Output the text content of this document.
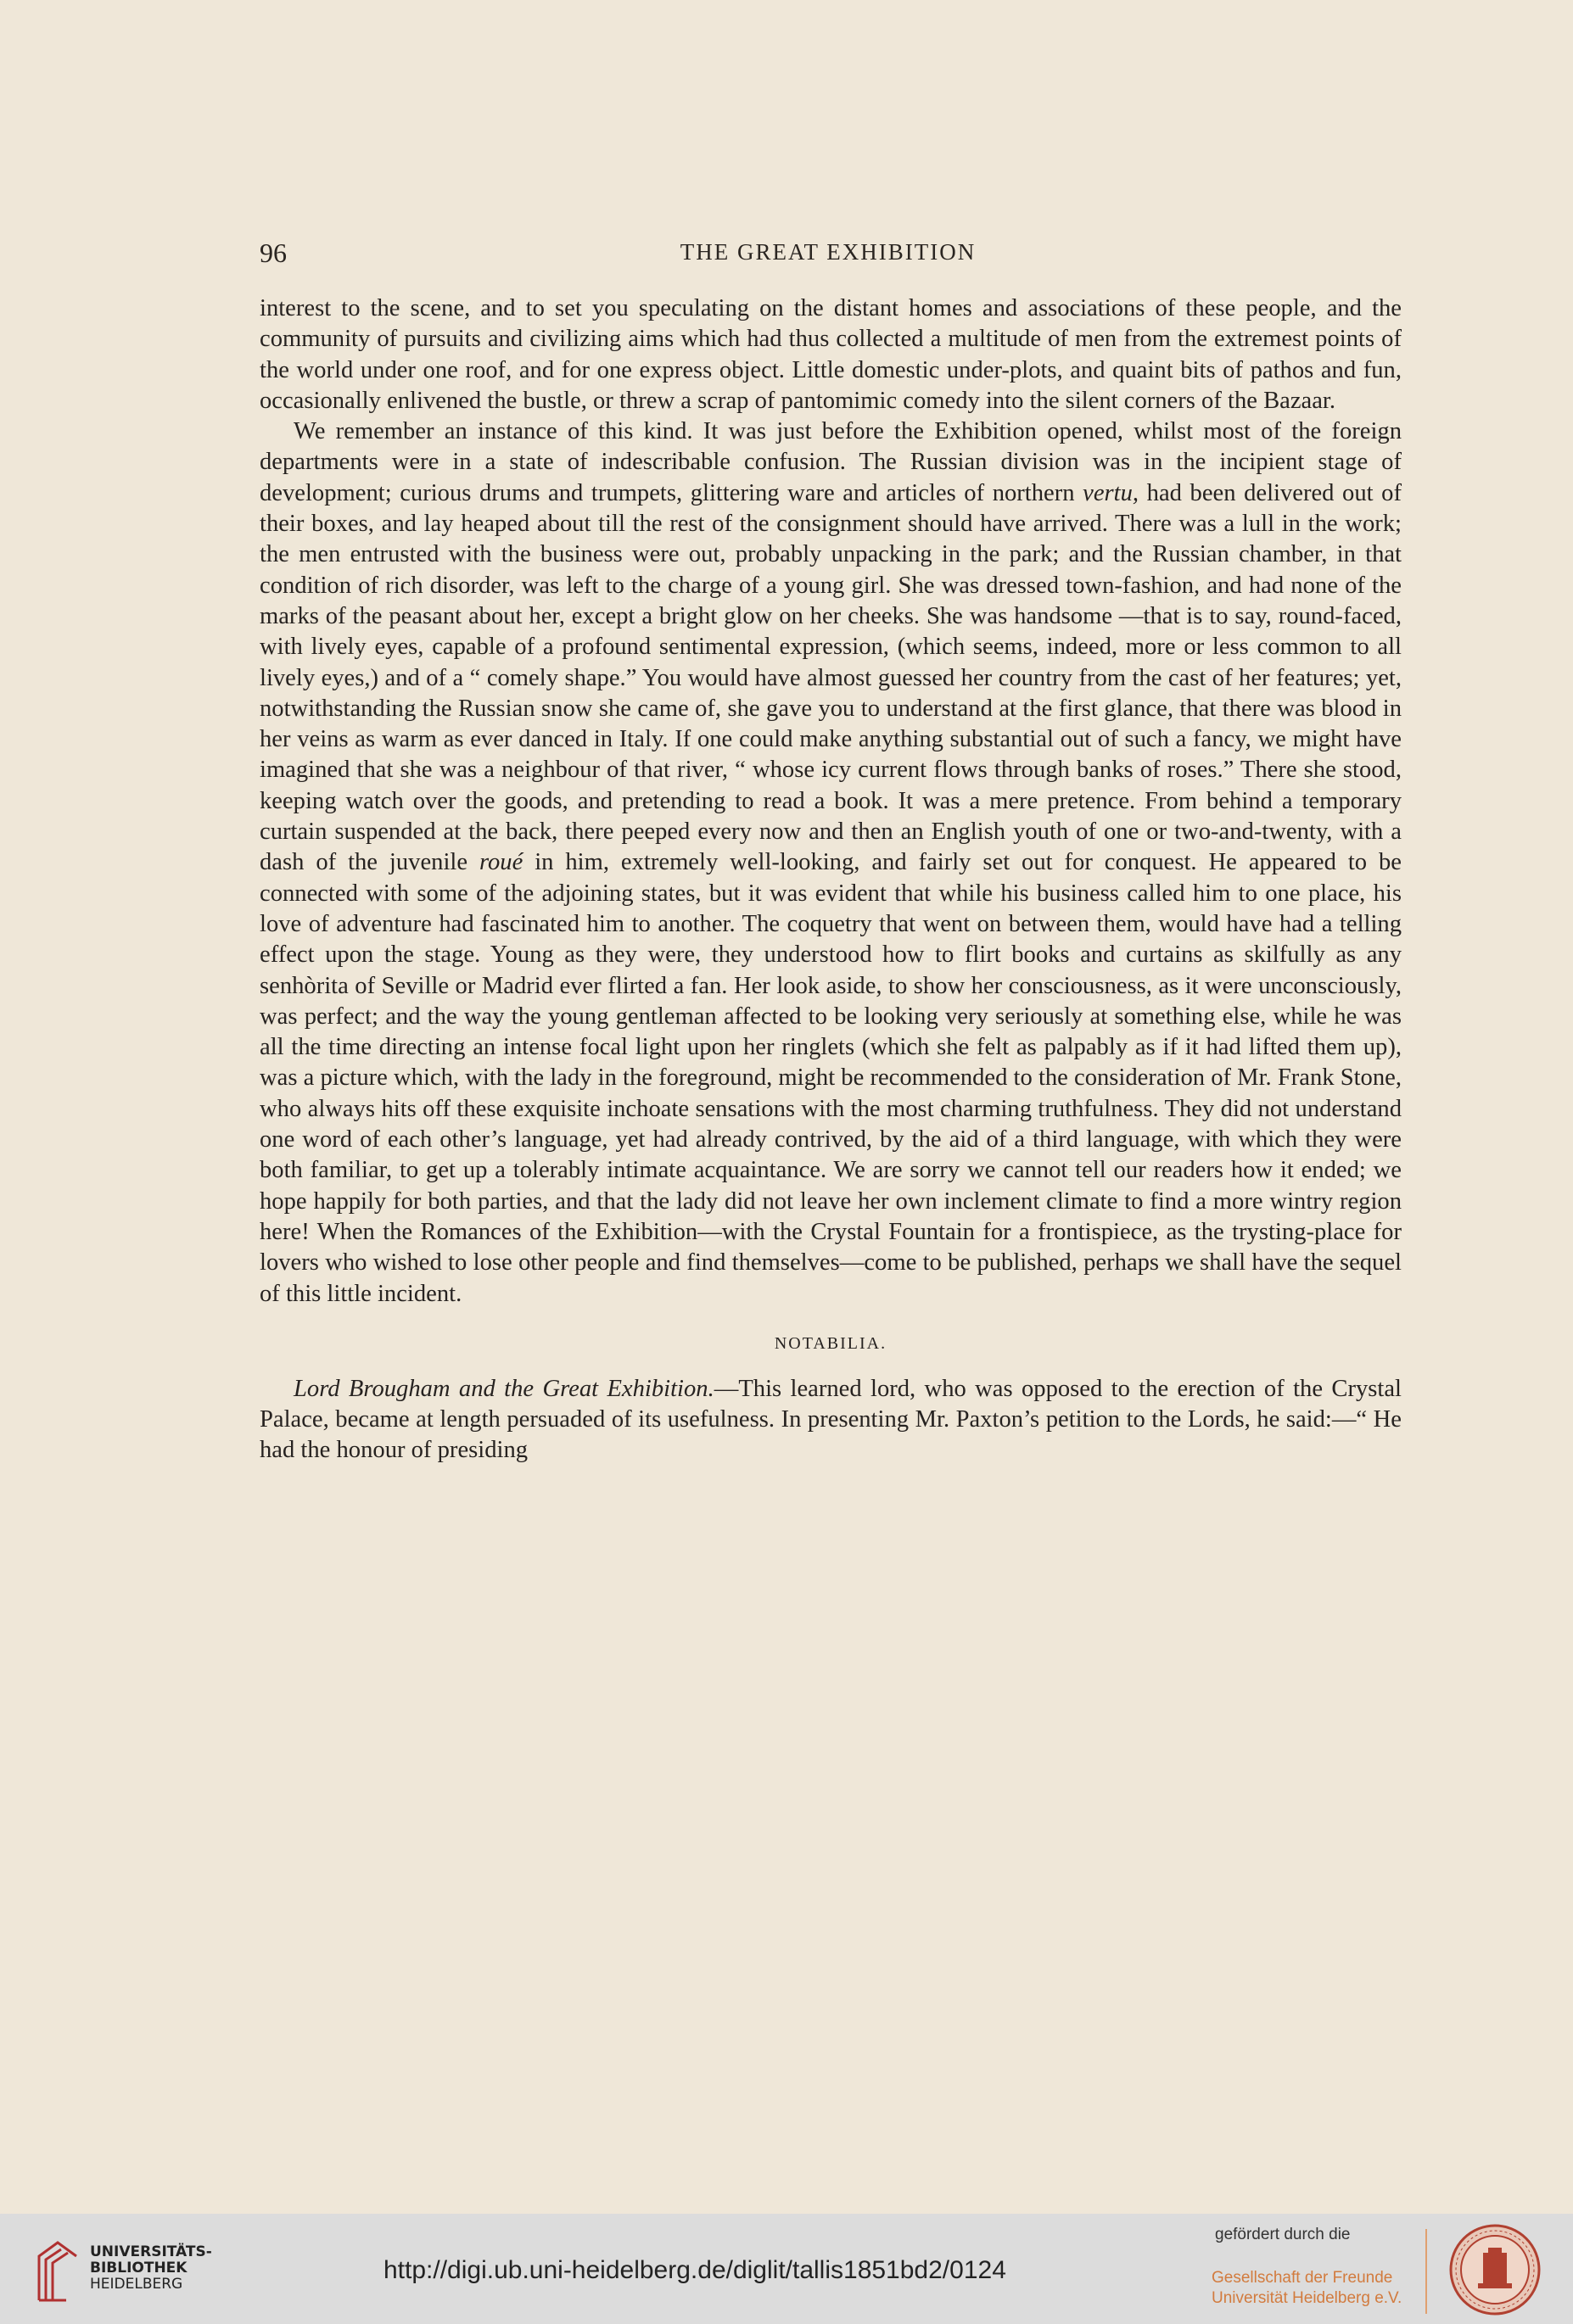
96	THE GREAT EXHIBITION

interest to the scene, and to set you speculating on the distant homes and associations of these people, and the community of pursuits and civilizing aims which had thus collected a multitude of men from the extremest points of the world under one roof, and for one express object. Little domestic under-plots, and quaint bits of pathos and fun, occasionally enlivened the bustle, or threw a scrap of pantomimic comedy into the silent corners of the Bazaar.

We remember an instance of this kind. It was just before the Exhibition opened, whilst most of the foreign departments were in a state of indescribable confusion. The Russian division was in the incipient stage of development; curious drums and trumpets, glittering ware and articles of northern vertu, had been delivered out of their boxes, and lay heaped about till the rest of the consignment should have arrived. There was a lull in the work; the men entrusted with the business were out, probably unpacking in the park; and the Russian chamber, in that condition of rich disorder, was left to the charge of a young girl. She was dressed town-fashion, and had none of the marks of the peasant about her, except a bright glow on her cheeks. She was handsome —that is to say, round-faced, with lively eyes, capable of a profound sentimental expression, (which seems, indeed, more or less common to all lively eyes,) and of a “ comely shape.” You would have almost guessed her country from the cast of her features; yet, notwithstanding the Russian snow she came of, she gave you to understand at the first glance, that there was blood in her veins as warm as ever danced in Italy. If one could make anything substantial out of such a fancy, we might have imagined that she was a neighbour of that river, “ whose icy current flows through banks of roses.” There she stood, keeping watch over the goods, and pretending to read a book. It was a mere pretence. From behind a temporary curtain suspended at the back, there peeped every now and then an English youth of one or two-and-twenty, with a dash of the juvenile roué in him, extremely well-looking, and fairly set out for conquest. He appeared to be connected with some of the adjoining states, but it was evident that while his business called him to one place, his love of adventure had fascinated him to another. The coquetry that went on between them, would have had a telling effect upon the stage. Young as they were, they understood how to flirt books and curtains as skilfully as any senhòrita of Seville or Madrid ever flirted a fan. Her look aside, to show her consciousness, as it were unconsciously, was perfect; and the way the young gentleman affected to be looking very seriously at something else, while he was all the time directing an intense focal light upon her ringlets (which she felt as palpably as if it had lifted them up), was a picture which, with the lady in the foreground, might be recommended to the consideration of Mr. Frank Stone, who always hits off these exquisite inchoate sensations with the most charming truthfulness. They did not understand one word of each other’s language, yet had already contrived, by the aid of a third language, with which they were both familiar, to get up a tolerably intimate acquaintance. We are sorry we cannot tell our readers how it ended; we hope happily for both parties, and that the lady did not leave her own inclement climate to find a more wintry region here! When the Romances of the Exhibition—with the Crystal Fountain for a frontispiece, as the trysting-place for lovers who wished to lose other people and find themselves—come to be published, perhaps we shall have the sequel of this little incident.

NOTABILIA.

Lord Brougham and the Great Exhibition.—This learned lord, who was opposed to the erection of the Crystal Palace, became at length persuaded of its usefulness. In presenting Mr. Paxton’s petition to the Lords, he said:—“ He had the honour of presiding

UNIVERSITÄTS-
BIBLIOTHEK
HEIDELBERG	http://digi.ub.uni-heidelberg.de/diglit/tallis1851bd2/0124
gefördert durch die
Gesellschaft der Freunde
Universität Heidelberg e.V.
